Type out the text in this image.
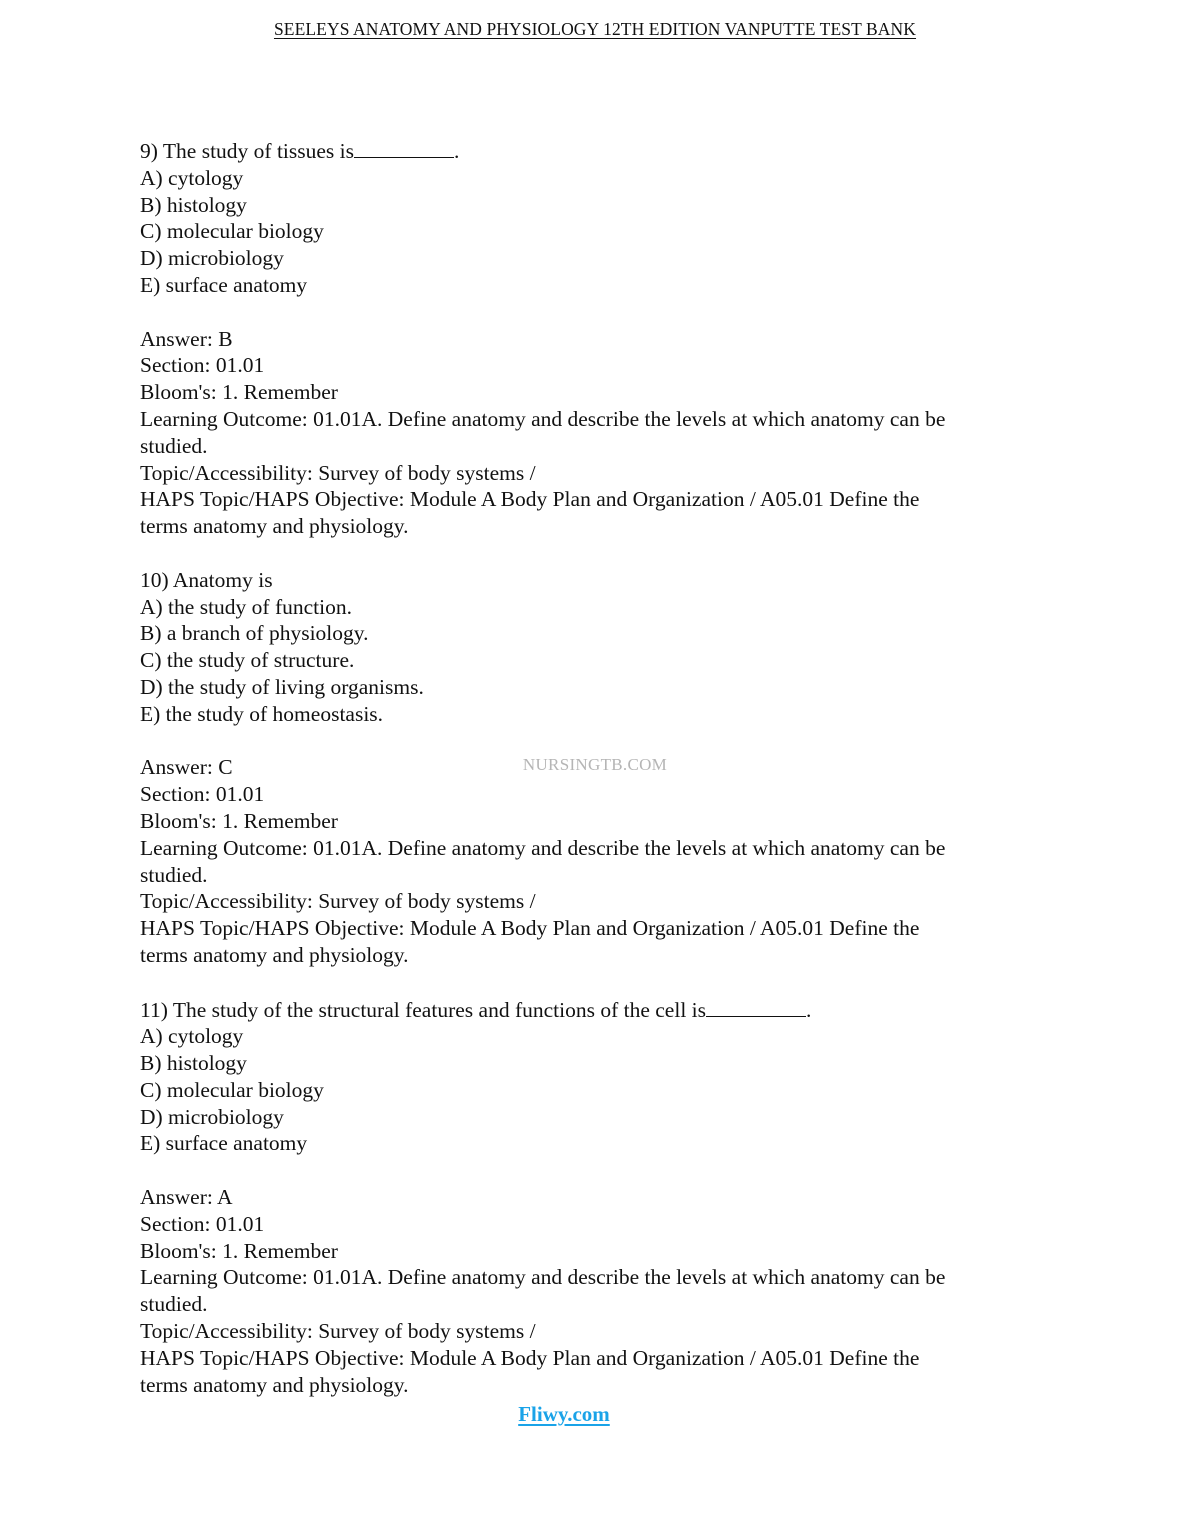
SEELEYS ANATOMY AND PHYSIOLOGY 12TH EDITION VANPUTTE TEST BANK
9) The study of tissues is	.
A) cytology
B) histology
C) molecular biology
D) microbiology
E) surface anatomy
Answer: B
Section: 01.01
Bloom's: 1. Remember
Learning Outcome: 01.01A. Define anatomy and describe the levels at which anatomy can be
studied.
Topic/Accessibility: Survey of body systems /
HAPS Topic/HAPS Objective: Module A Body Plan and Organization / A05.01 Define the
terms anatomy and physiology.
10) Anatomy is
A) the study of function.
B) a branch of physiology.
C) the study of structure.
D) the study of living organisms.
E) the study of homeostasis.
Answer: C
Section: 01.01
Bloom's: 1. Remember
Learning Outcome: 01.01A. Define anatomy and describe the levels at which anatomy can be
studied.
Topic/Accessibility: Survey of body systems /
HAPS Topic/HAPS Objective: Module A Body Plan and Organization / A05.01 Define the
terms anatomy and physiology.
11) The study of the structural features and functions of the cell is	.
A) cytology
B) histology
C) molecular biology
D) microbiology
E) surface anatomy
Answer: A
Section: 01.01
Bloom's: 1. Remember
Learning Outcome: 01.01A. Define anatomy and describe the levels at which anatomy can be
studied.
Topic/Accessibility: Survey of body systems /
HAPS Topic/HAPS Objective: Module A Body Plan and Organization / A05.01 Define the
terms anatomy and physiology.
NURSINGTB.COM
Fliwy.com
